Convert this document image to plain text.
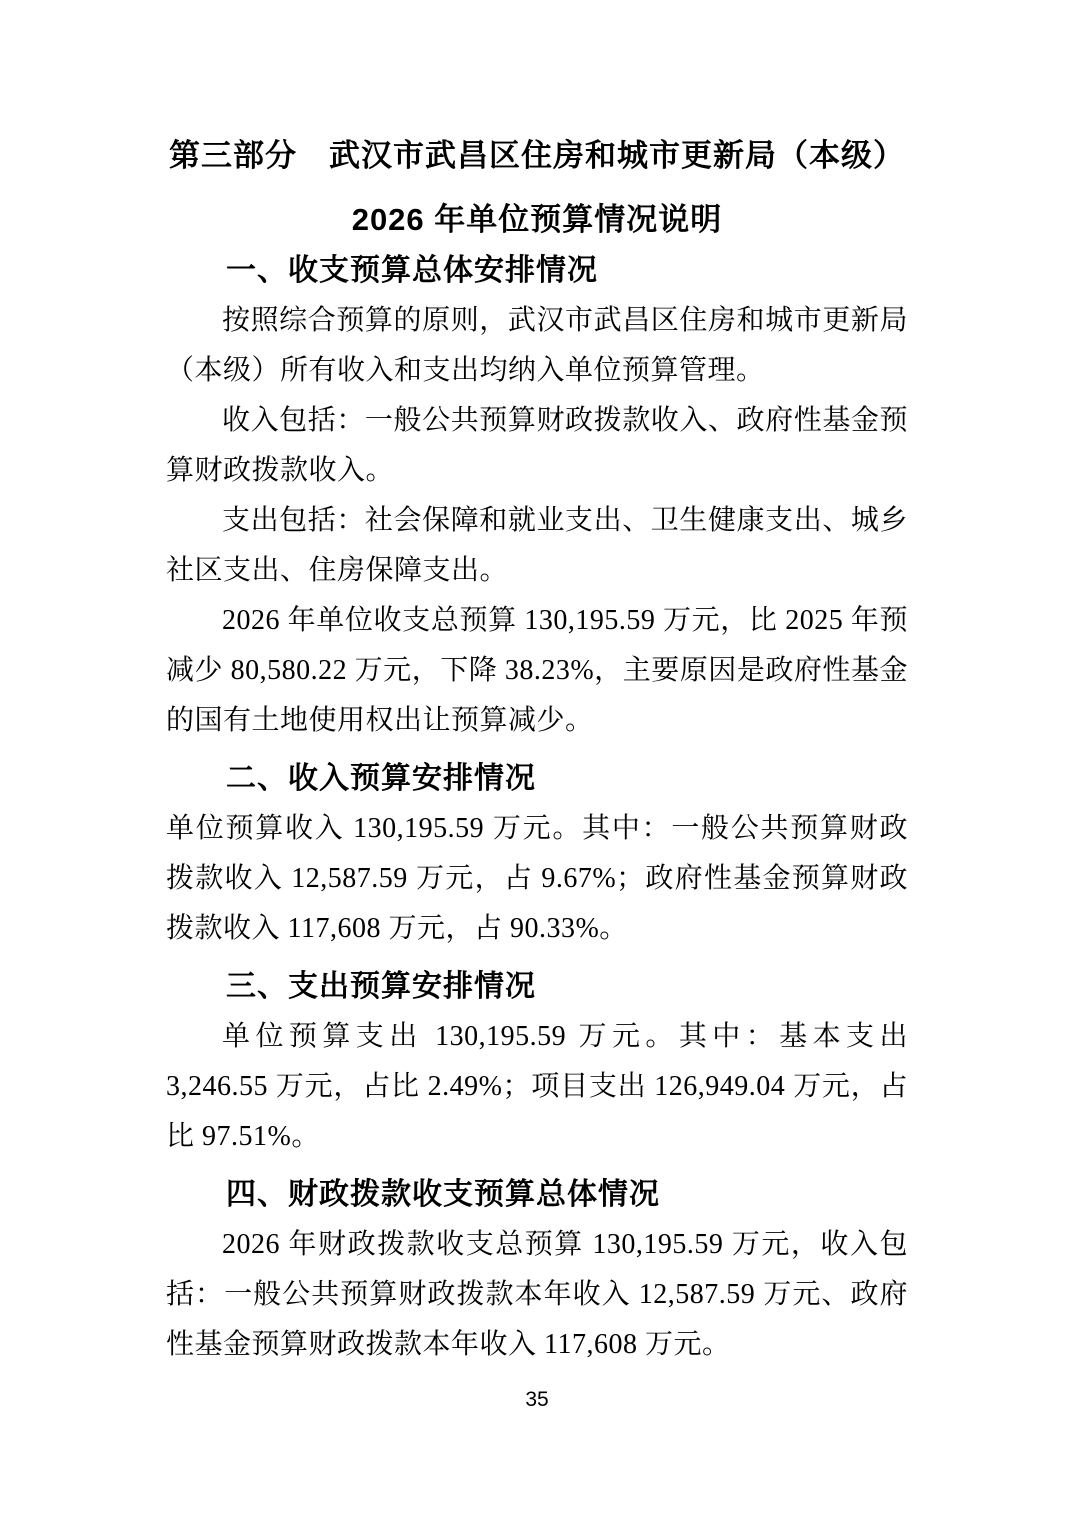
第三部分　武汉市武昌区住房和城市更新局（本级）
2026 年单位预算情况说明
一、收支预算总体安排情况

按照综合预算的原则，武汉市武昌区住房和城市更新局（本级）所有收入和支出均纳入单位预算管理。

收入包括：一般公共预算财政拨款收入、政府性基金预算财政拨款收入。

支出包括：社会保障和就业支出、卫生健康支出、城乡社区支出、住房保障支出。

2026 年单位收支总预算 130,195.59 万元，比 2025 年预减少 80,580.22 万元，下降 38.23%，主要原因是政府性基金的国有土地使用权出让预算减少。

二、收入预算安排情况

单位预算收入 130,195.59 万元。其中：一般公共预算财政拨款收入 12,587.59 万元，占 9.67%；政府性基金预算财政拨款收入 117,608 万元，占 90.33%。

三、支出预算安排情况

单位预算支出 130,195.59 万元。其中：基本支出 3,246.55 万元，占比 2.49%；项目支出 126,949.04 万元，占比 97.51%。

四、财政拨款收支预算总体情况

2026 年财政拨款收支总预算 130,195.59 万元，收入包括：一般公共预算财政拨款本年收入 12,587.59 万元、政府性基金预算财政拨款本年收入 117,608 万元。

35
